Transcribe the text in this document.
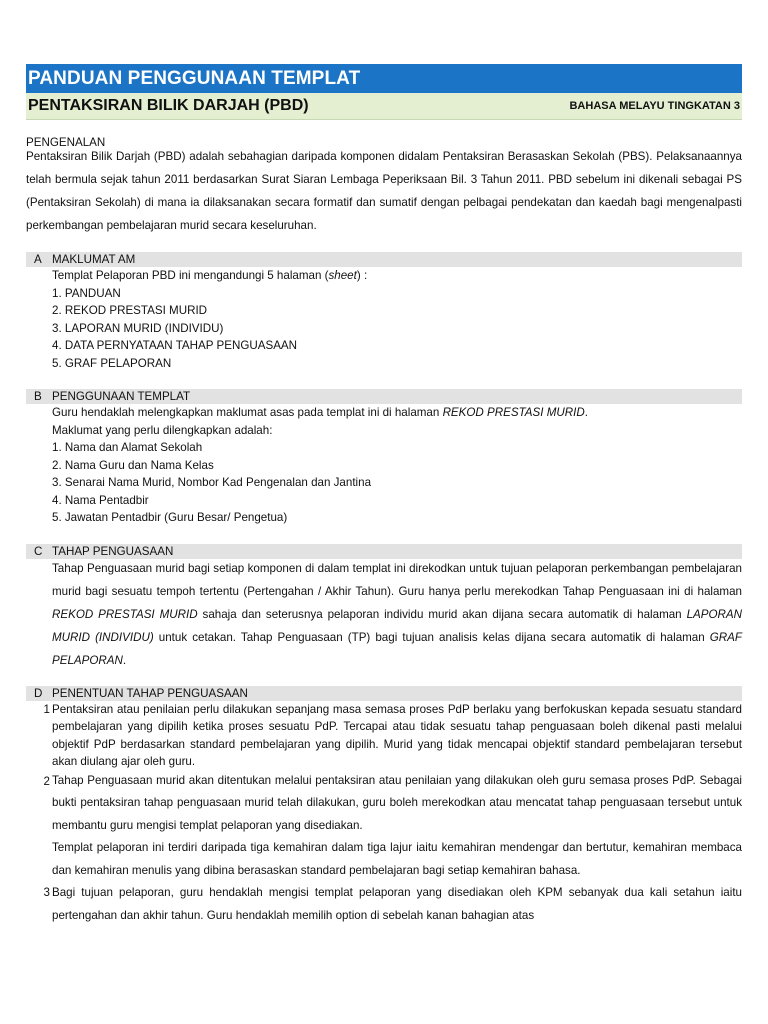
PANDUAN PENGGUNAAN TEMPLAT
PENTAKSIRAN BILIK DARJAH (PBD)	BAHASA MELAYU TINGKATAN 3
PENGENALAN
Pentaksiran Bilik Darjah (PBD) adalah sebahagian daripada komponen didalam Pentaksiran Berasaskan Sekolah (PBS). Pelaksanaannya telah bermula sejak tahun 2011 berdasarkan Surat Siaran Lembaga Peperiksaan Bil. 3 Tahun 2011. PBD sebelum ini dikenali sebagai PS (Pentaksiran Sekolah) di mana ia dilaksanakan secara formatif dan sumatif dengan pelbagai pendekatan dan kaedah bagi mengenalpasti perkembangan pembelajaran murid secara keseluruhan.
A MAKLUMAT AM
Templat Pelaporan PBD ini mengandungi 5 halaman (sheet) :
1. PANDUAN
2. REKOD PRESTASI MURID
3. LAPORAN MURID (INDIVIDU)
4. DATA PERNYATAAN TAHAP PENGUASAAN
5. GRAF PELAPORAN
B PENGGUNAAN TEMPLAT
Guru hendaklah melengkapkan maklumat asas pada templat ini di halaman REKOD PRESTASI MURID.
Maklumat yang perlu dilengkapkan adalah:
1. Nama dan Alamat Sekolah
2. Nama Guru dan Nama Kelas
3. Senarai Nama Murid, Nombor Kad Pengenalan dan Jantina
4. Nama Pentadbir
5. Jawatan Pentadbir (Guru Besar/ Pengetua)
C TAHAP PENGUASAAN
Tahap Penguasaan murid bagi setiap komponen di dalam templat ini direkodkan untuk tujuan pelaporan perkembangan pembelajaran murid bagi sesuatu tempoh tertentu (Pertengahan / Akhir Tahun). Guru hanya perlu merekodkan Tahap Penguasaan ini di halaman REKOD PRESTASI MURID sahaja dan seterusnya pelaporan individu murid akan dijana secara automatik di halaman LAPORAN MURID (INDIVIDU) untuk cetakan. Tahap Penguasaan (TP) bagi tujuan analisis kelas dijana secara automatik di halaman GRAF PELAPORAN.
D PENENTUAN TAHAP PENGUASAAN
1 Pentaksiran atau penilaian perlu dilakukan sepanjang masa semasa proses PdP berlaku yang berfokuskan kepada sesuatu standard pembelajaran yang dipilih ketika proses sesuatu PdP. Tercapai atau tidak sesuatu tahap penguasaan boleh dikenal pasti melalui objektif PdP berdasarkan standard pembelajaran yang dipilih. Murid yang tidak mencapai objektif standard pembelajaran tersebut akan diulang ajar oleh guru.
2 Tahap Penguasaan murid akan ditentukan melalui pentaksiran atau penilaian yang dilakukan oleh guru semasa proses PdP. Sebagai bukti pentaksiran tahap penguasaan murid telah dilakukan, guru boleh merekodkan atau mencatat tahap penguasaan tersebut untuk membantu guru mengisi templat pelaporan yang disediakan.
Templat pelaporan ini terdiri daripada tiga kemahiran dalam tiga lajur iaitu kemahiran mendengar dan bertutur, kemahiran membaca dan kemahiran menulis yang dibina berasaskan standard pembelajaran bagi setiap kemahiran bahasa.
3 Bagi tujuan pelaporan, guru hendaklah mengisi templat pelaporan yang disediakan oleh KPM sebanyak dua kali setahun iaitu pertengahan dan akhir tahun. Guru hendaklah memilih option di sebelah kanan bahagian atas
